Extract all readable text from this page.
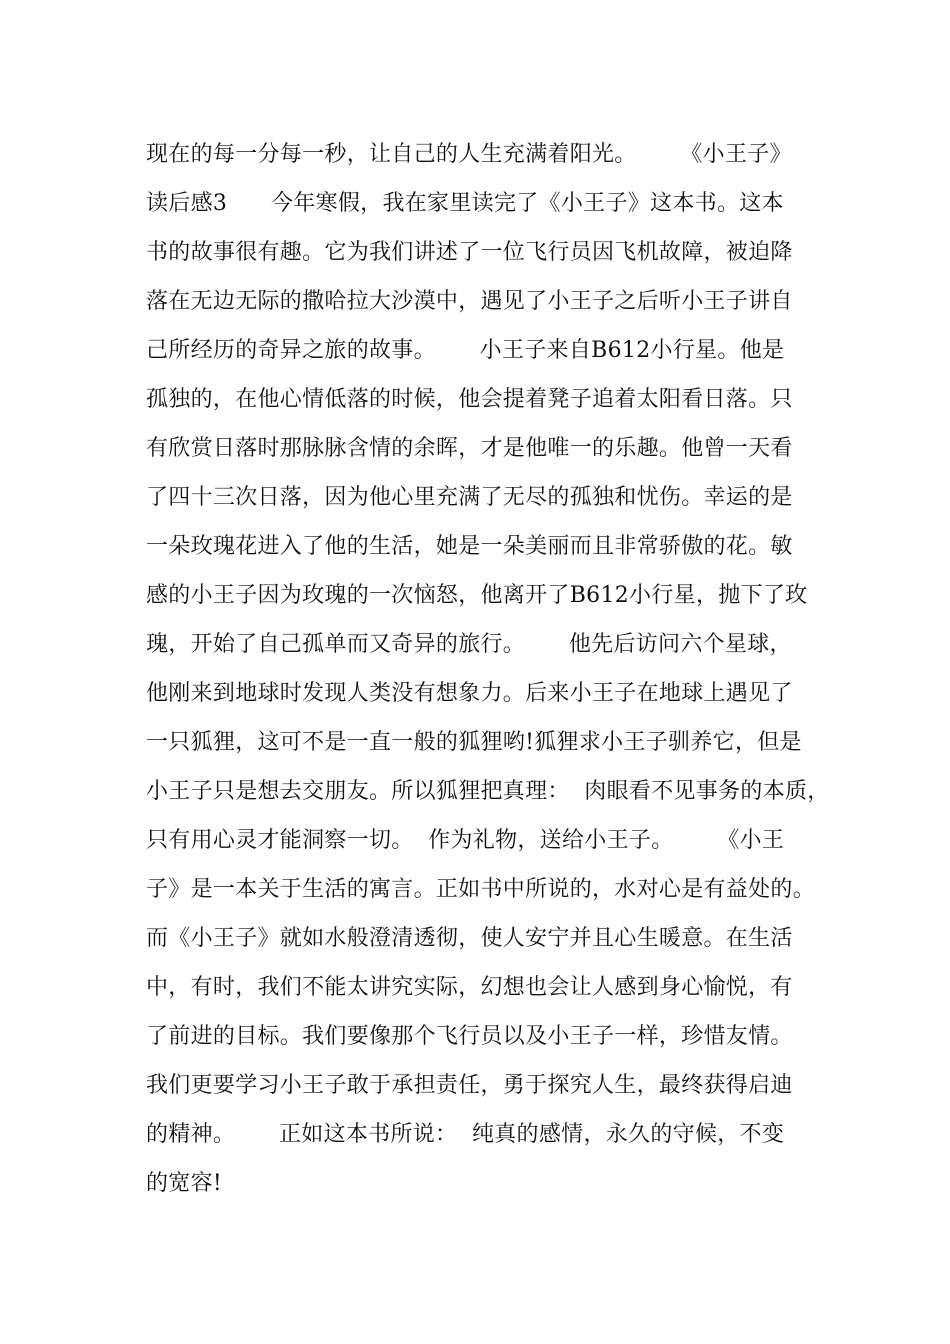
现在的每一分每一秒，让自己的人生充满着阳光。      《小王子》
读后感3      今年寒假，我在家里读完了《小王子》这本书。这本
书的故事很有趣。它为我们讲述了一位飞行员因飞机故障，被迫降
落在无边无际的撒哈拉大沙漠中，遇见了小王子之后听小王子讲自
己所经历的奇异之旅的故事。      小王子来自B612小行星。他是
孤独的，在他心情低落的时候，他会提着凳子追着太阳看日落。只
有欣赏日落时那脉脉含情的余晖，才是他唯一的乐趣。他曾一天看
了四十三次日落，因为他心里充满了无尽的孤独和忧伤。幸运的是
一朵玫瑰花进入了他的生活，她是一朵美丽而且非常骄傲的花。敏
感的小王子因为玫瑰的一次恼怒，他离开了B612小行星，抛下了玫
瑰，开始了自己孤单而又奇异的旅行。      他先后访问六个星球，
他刚来到地球时发现人类没有想象力。后来小王子在地球上遇见了
一只狐狸，这可不是一直一般的狐狸哟!狐狸求小王子驯养它，但是
小王子只是想去交朋友。所以狐狸把真理：  肉眼看不见事务的本质，
只有用心灵才能洞察一切。  作为礼物，送给小王子。      《小王
子》是一本关于生活的寓言。正如书中所说的，水对心是有益处的。
而《小王子》就如水般澄清透彻，使人安宁并且心生暖意。在生活
中，有时，我们不能太讲究实际，幻想也会让人感到身心愉悦，有
了前进的目标。我们要像那个飞行员以及小王子一样，珍惜友情。
我们更要学习小王子敢于承担责任，勇于探究人生，最终获得启迪
的精神。      正如这本书所说：  纯真的感情，永久的守候，不变
的宽容!
